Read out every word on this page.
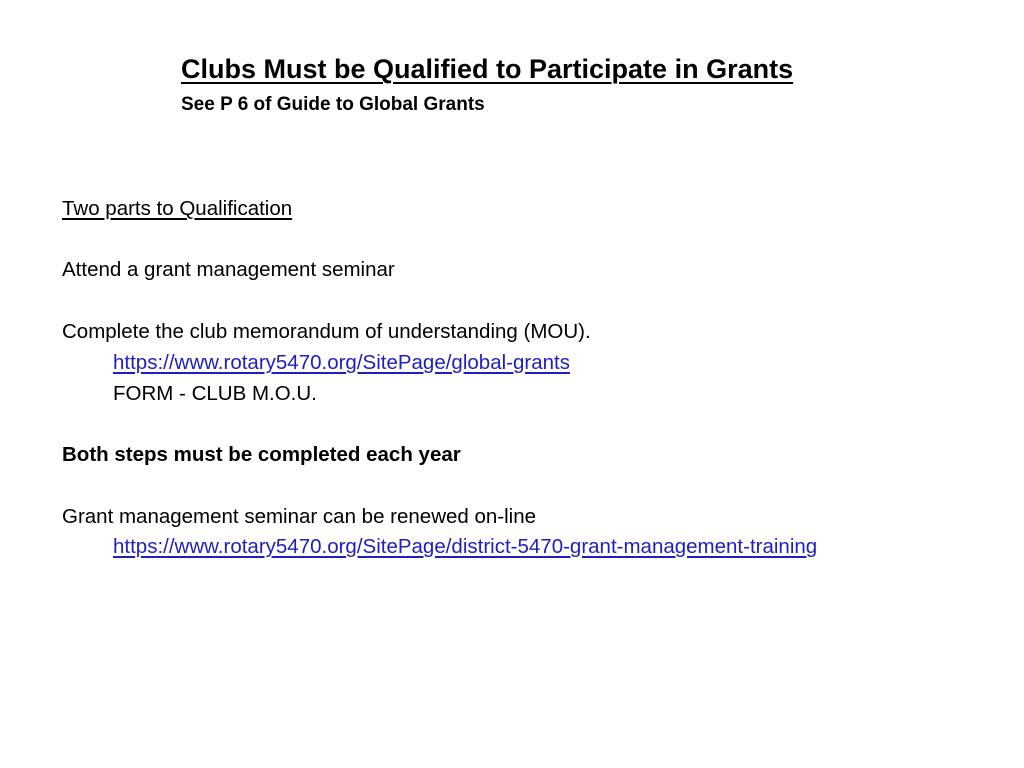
Clubs Must be Qualified to Participate in Grants
See P 6 of Guide to Global Grants

Two parts to Qualification

Attend a grant management seminar

Complete the club memorandum of understanding (MOU).

https://www.rotary5470.org/SitePage/global-grants

FORM - CLUB M.O.U.

Both steps must be completed each year

Grant management seminar can be renewed on-line

https://www.rotary5470.org/SitePage/district-5470-grant-management-training
